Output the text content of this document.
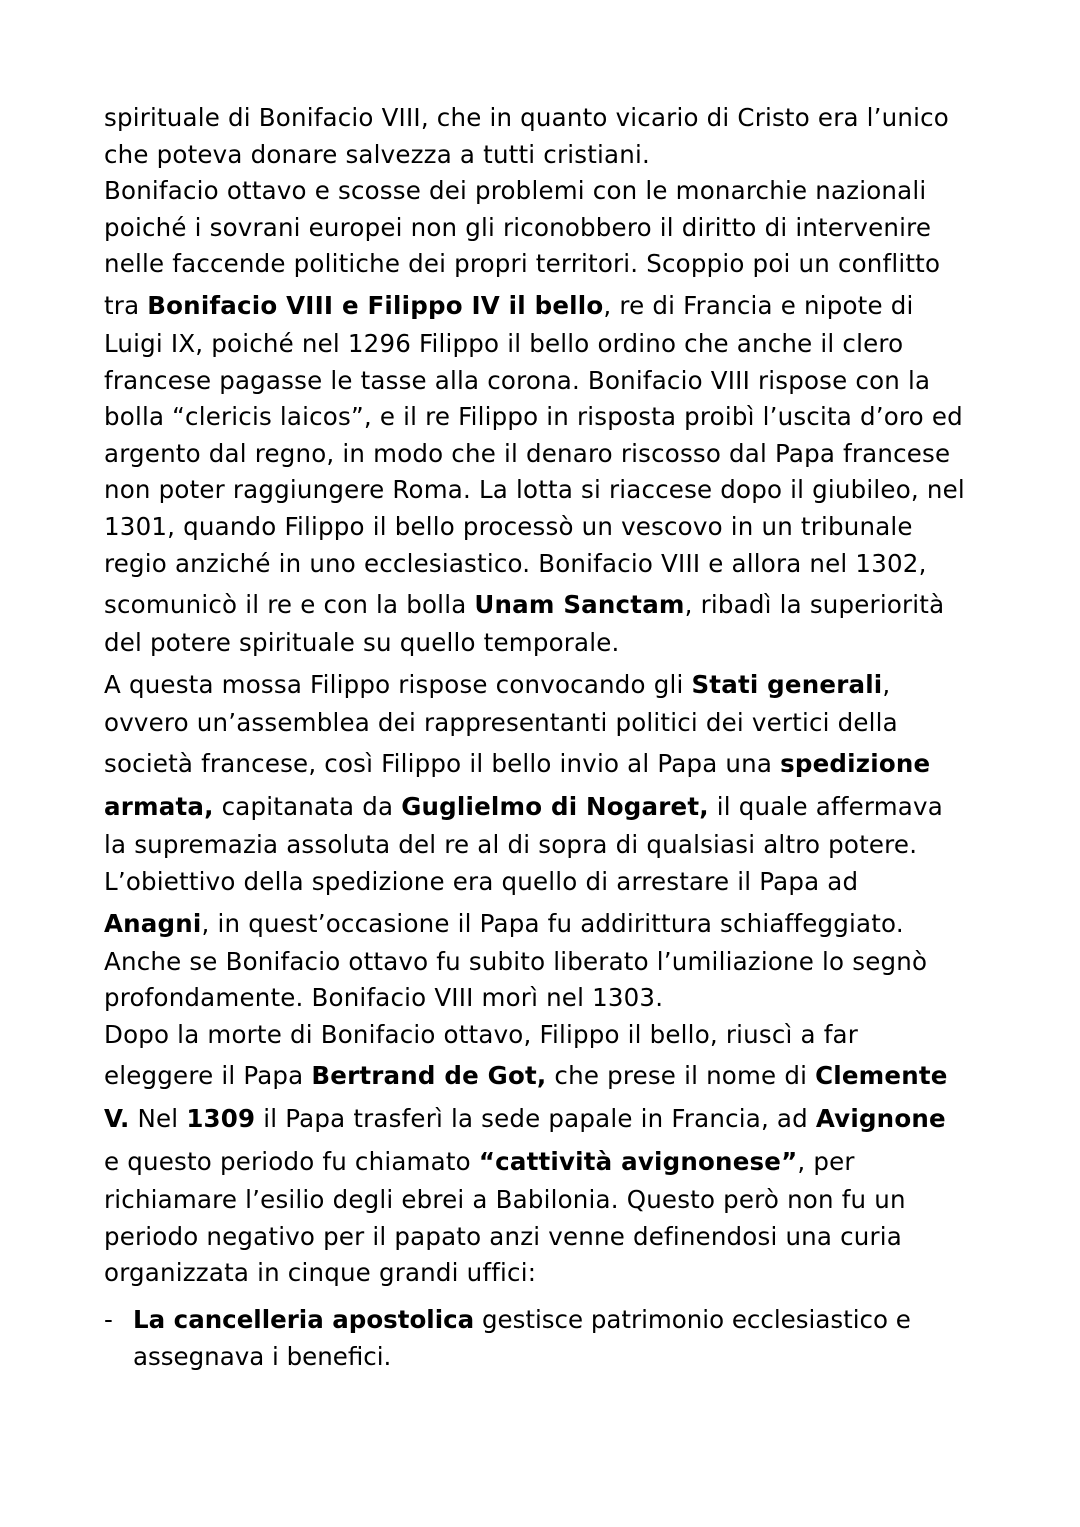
spirituale di Bonifacio VIII, che in quanto vicario di Cristo era l’unico
che poteva donare salvezza a tutti cristiani.
Bonifacio ottavo e scosse dei problemi con le monarchie nazionali
poiché i sovrani europei non gli riconobbero il diritto di intervenire
nelle faccende politiche dei propri territori. Scoppio poi un conflitto
tra Bonifacio VIII e Filippo IV il bello, re di Francia e nipote di
Luigi IX, poiché nel 1296 Filippo il bello ordino che anche il clero
francese pagasse le tasse alla corona. Bonifacio VIII rispose con la
bolla “clericis laicos”, e il re Filippo in risposta proibì l’uscita d’oro ed
argento dal regno, in modo che il denaro riscosso dal Papa francese
non poter raggiungere Roma. La lotta si riaccese dopo il giubileo, nel
1301, quando Filippo il bello processò un vescovo in un tribunale
regio anziché in uno ecclesiastico. Bonifacio VIII e allora nel 1302,
scomunicò il re e con la bolla Unam Sanctam, ribadì la superiorità
del potere spirituale su quello temporale.
A questa mossa Filippo rispose convocando gli Stati generali,
ovvero un’assemblea dei rappresentanti politici dei vertici della
società francese, così Filippo il bello invio al Papa una spedizione
armata, capitanata da Guglielmo di Nogaret, il quale affermava
la supremazia assoluta del re al di sopra di qualsiasi altro potere.
L’obiettivo della spedizione era quello di arrestare il Papa ad
Anagni, in quest’occasione il Papa fu addirittura schiaffeggiato.
Anche se Bonifacio ottavo fu subito liberato l’umiliazione lo segnò
profondamente. Bonifacio VIII morì nel 1303.
Dopo la morte di Bonifacio ottavo, Filippo il bello, riuscì a far
eleggere il Papa Bertrand de Got, che prese il nome di Clemente
V. Nel 1309 il Papa trasferì la sede papale in Francia, ad Avignone
e questo periodo fu chiamato “cattività avignonese”, per
richiamare l’esilio degli ebrei a Babilonia. Questo però non fu un
periodo negativo per il papato anzi venne definendosi una curia
organizzata in cinque grandi uffici:
- La cancelleria apostolica gestisce patrimonio ecclesiastico e
assegnava i benefici.
